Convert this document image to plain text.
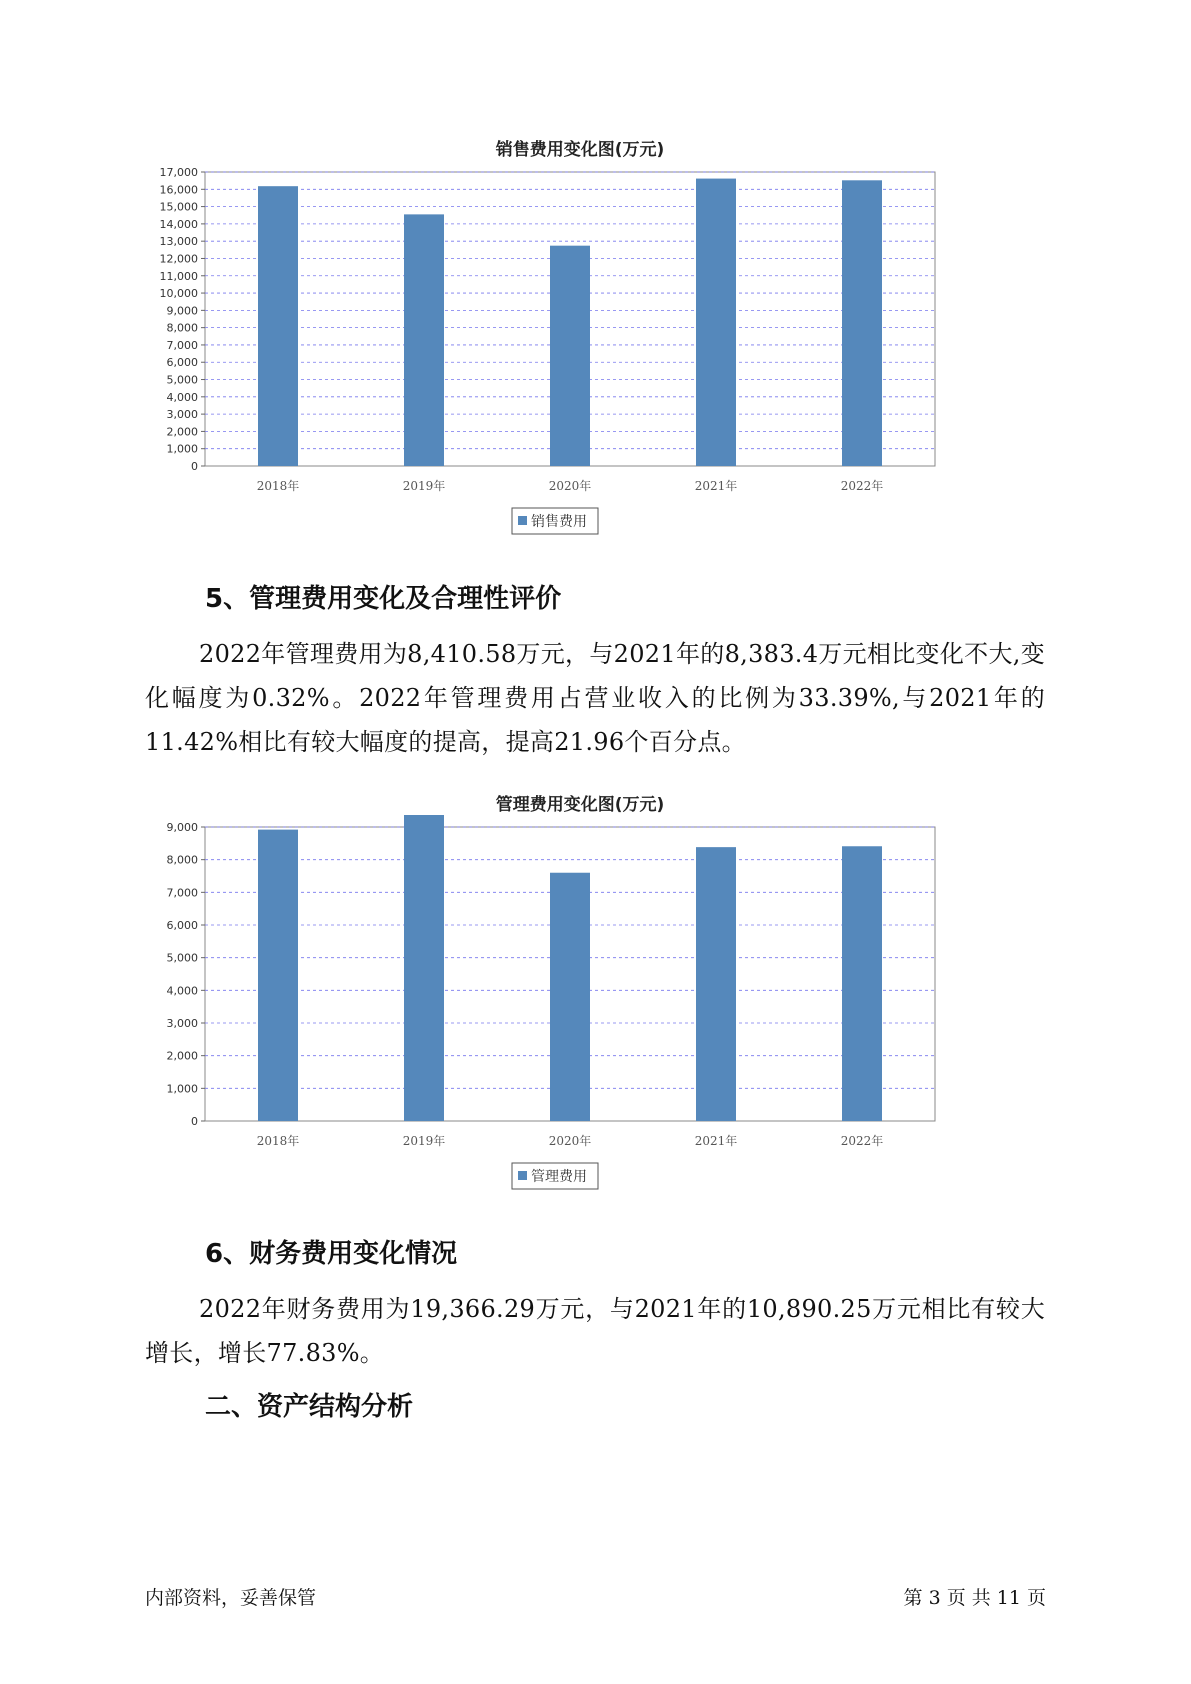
销售费用变化图(万元)
0
1,000
2,000
3,000
4,000
5,000
6,000
7,000
8,000
9,000
10,000
11,000
12,000
13,000
14,000
15,000
16,000
17,000
2018年	2019年	2020年	2021年	2022年
销售费用
5、管理费用变化及合理性评价
2022年管理费用为8,410.58万元，与2021年的8,383.4万元相比变化不大,变化幅度为0.32%。2022年管理费用占营业收入的比例为33.39%,与2021年的11.42%相比有较大幅度的提高，提高21.96个百分点。
管理费用变化图(万元)
0
1,000
2,000
3,000
4,000
5,000
6,000
7,000
8,000
9,000
2018年	2019年	2020年	2021年	2022年
管理费用
6、财务费用变化情况
2022年财务费用为19,366.29万元，与2021年的10,890.25万元相比有较大增长，增长77.83%。
二、资产结构分析
内部资料，妥善保管	第 3 页 共 11 页
